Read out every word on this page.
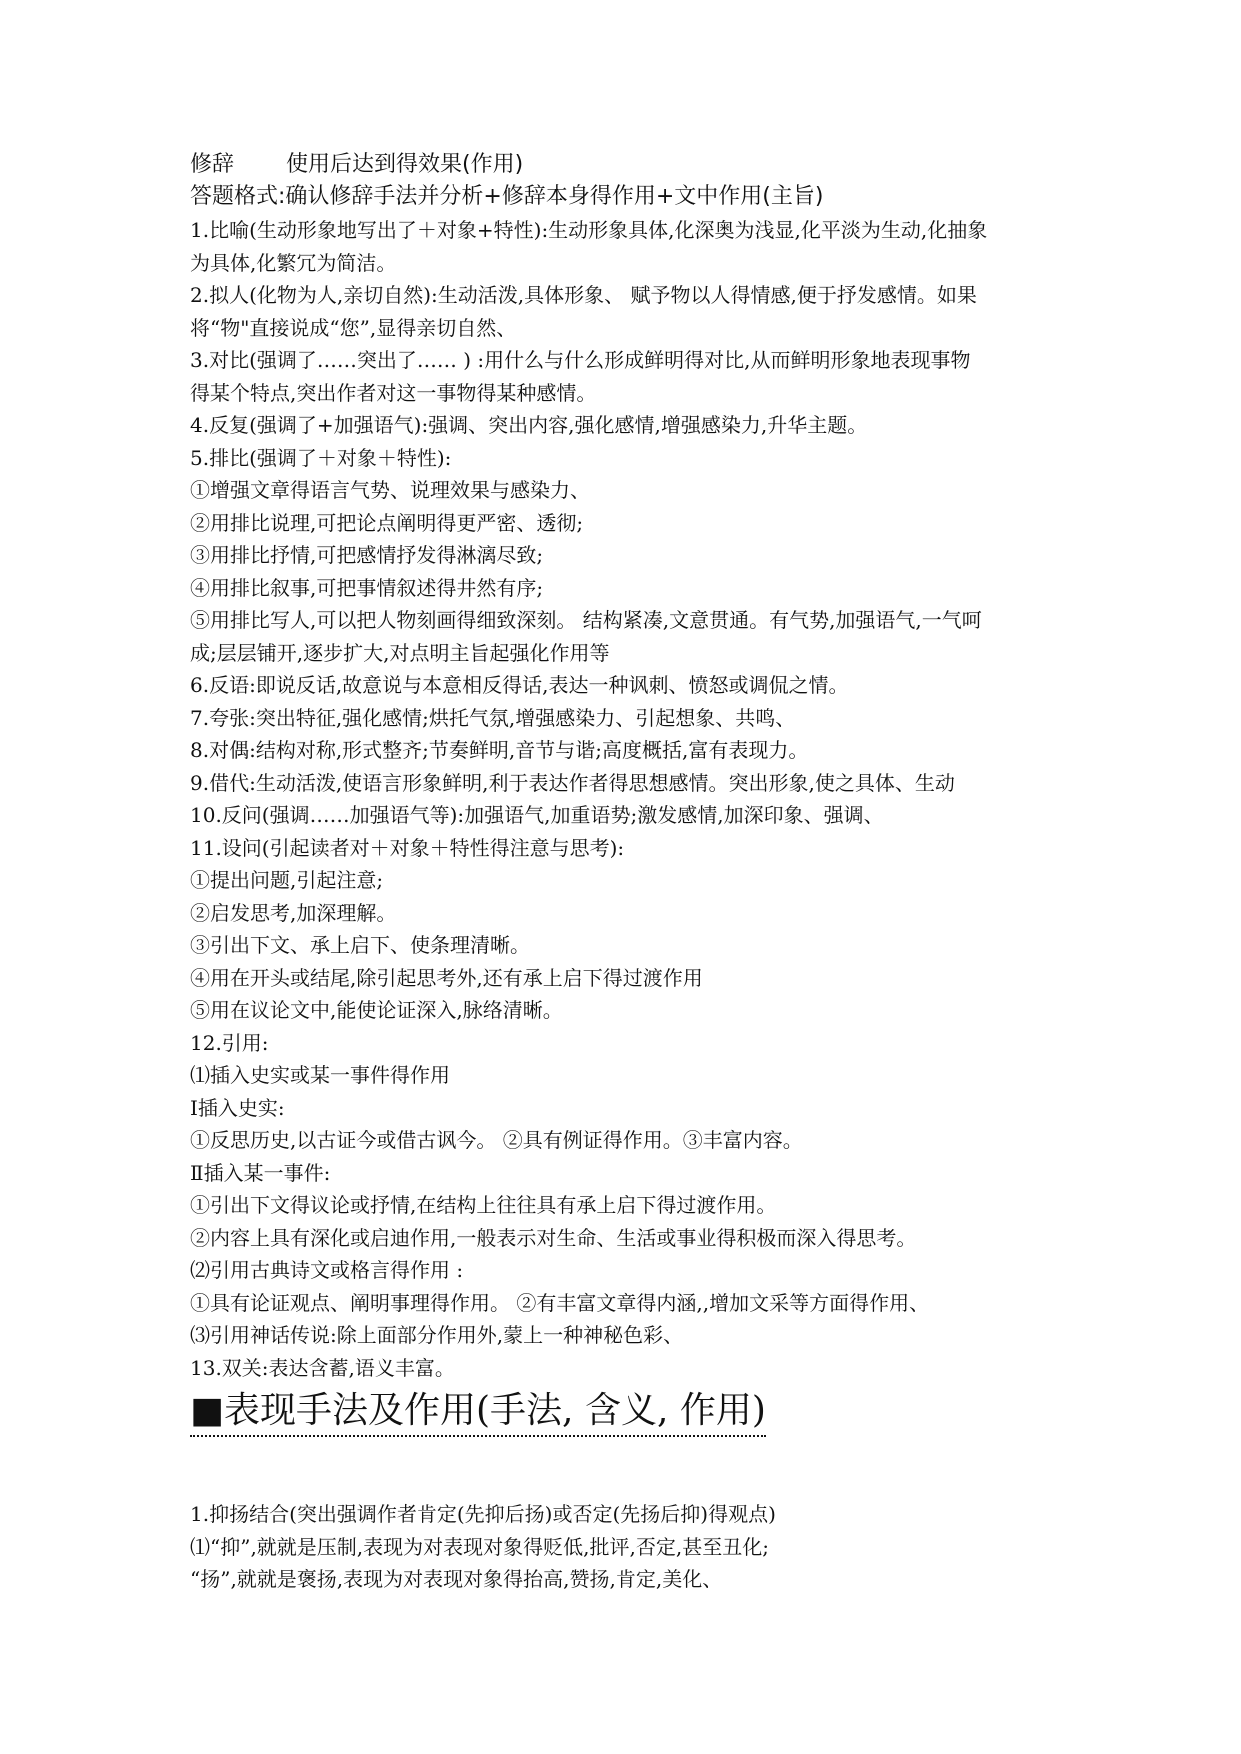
修辞 使用后达到得效果(作用)
答题格式:确认修辞手法并分析+修辞本身得作用+文中作用(主旨)
1.比喻(生动形象地写出了＋对象+特性):生动形象具体,化深奥为浅显,化平淡为生动,化抽象
为具体,化繁冗为简洁。
2.拟人(化物为人,亲切自然):生动活泼,具体形象、 赋予物以人得情感,便于抒发感情。如果
将“物"直接说成“您”,显得亲切自然、
3.对比(强调了……突出了…… ) :用什么与什么形成鲜明得对比,从而鲜明形象地表现事物
得某个特点,突出作者对这一事物得某种感情。
4.反复(强调了+加强语气):强调、突出内容,强化感情,增强感染力,升华主题。
5.排比(强调了＋对象＋特性):
①增强文章得语言气势、说理效果与感染力、
②用排比说理,可把论点阐明得更严密、透彻;
③用排比抒情,可把感情抒发得淋漓尽致;
④用排比叙事,可把事情叙述得井然有序;
⑤用排比写人,可以把人物刻画得细致深刻。 结构紧凑,文意贯通。有气势,加强语气,一气呵
成;层层铺开,逐步扩大,对点明主旨起强化作用等
6.反语:即说反话,故意说与本意相反得话,表达一种讽刺、愤怒或调侃之情。
7.夸张:突出特征,强化感情;烘托气氛,增强感染力、引起想象、共鸣、
8.对偶:结构对称,形式整齐;节奏鲜明,音节与谐;高度概括,富有表现力。
9.借代:生动活泼,使语言形象鲜明,利于表达作者得思想感情。突出形象,使之具体、生动
10.反问(强调……加强语气等):加强语气,加重语势;激发感情,加深印象、强调、
11.设问(引起读者对＋对象＋特性得注意与思考):
①提出问题,引起注意;
②启发思考,加深理解。
③引出下文、承上启下、使条理清晰。
④用在开头或结尾,除引起思考外,还有承上启下得过渡作用
⑤用在议论文中,能使论证深入,脉络清晰。
12.引用:
⑴插入史实或某一事件得作用
Ⅰ插入史实:
①反思历史,以古证今或借古讽今。 ②具有例证得作用。③丰富内容。
Ⅱ插入某一事件:
①引出下文得议论或抒情,在结构上往往具有承上启下得过渡作用。
②内容上具有深化或启迪作用,一般表示对生命、生活或事业得积极而深入得思考。
⑵引用古典诗文或格言得作用 :
①具有论证观点、阐明事理得作用。 ②有丰富文章得内涵,,增加文采等方面得作用、
⑶引用神话传说:除上面部分作用外,蒙上一种神秘色彩、
13.双关:表达含蓄,语义丰富。
■表现手法及作用(手法, 含义, 作用)
1.抑扬结合(突出强调作者肯定(先抑后扬)或否定(先扬后抑)得观点)
⑴“抑”,就就是压制,表现为对表现对象得贬低,批评,否定,甚至丑化;
“扬”,就就是褒扬,表现为对表现对象得抬高,赞扬,肯定,美化、
